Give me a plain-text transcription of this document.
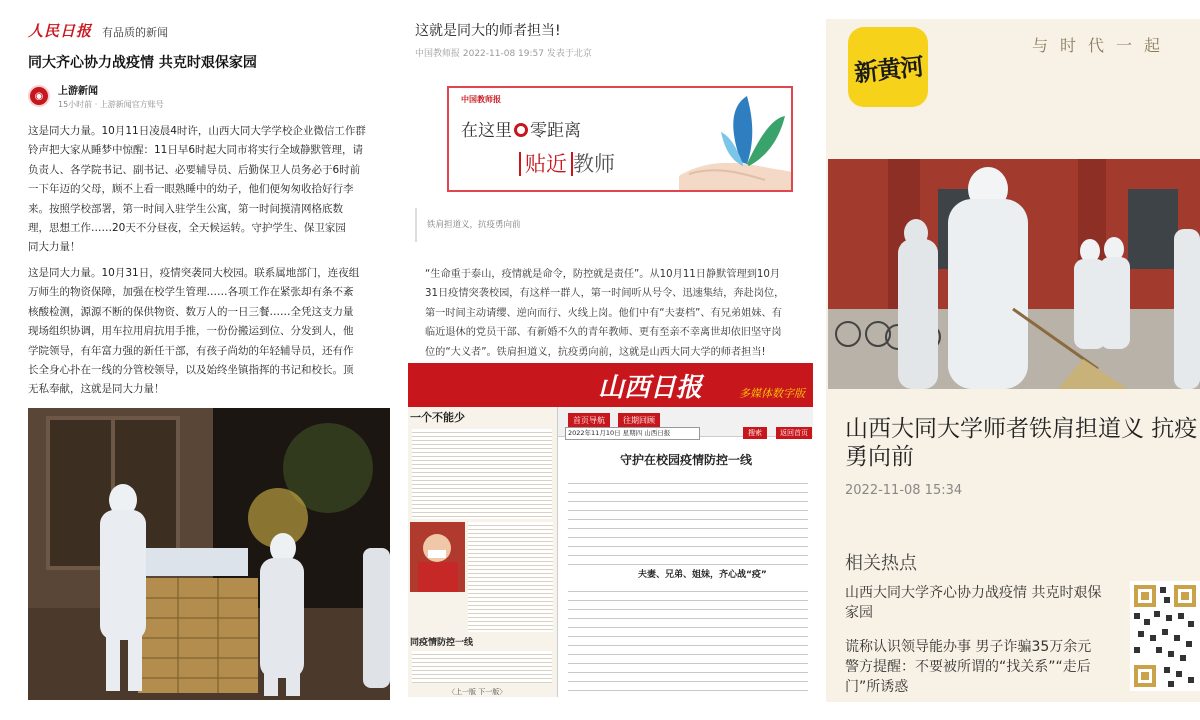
人民日报 有品质的新闻
同大齐心协力战疫情 共克时艰保家园
◉	上游新闻
15小时前 · 上游新闻官方账号
这是同大力量。10月11日凌晨4时许，山西大同大学学校企业微信工作群
铃声把大家从睡梦中惊醒：11日早6时起大同市将实行全域静默管理，请
负责人、各学院书记、副书记、必要辅导员、后勤保卫人员务必于6时前
一下年迈的父母，顾不上看一眼熟睡中的幼子，他们便匆匆收拾好行李
来。按照学校部署，第一时间入驻学生公寓，第一时间摸清网格底数
理，思想工作……20天不分昼夜，全天候运转。守护学生、保卫家园
同大力量！
这是同大力量。10月31日，疫情突袭同大校园。联系属地部门，连夜组
万师生的物资保障，加强在校学生管理……各项工作在紧张却有条不紊
核酸检测，源源不断的保供物资、数万人的一日三餐……全凭这支力量
现场组织协调，用车拉用肩抗用手推，一份份搬运到位、分发到人，他
学院领导，有年富力强的新任干部，有孩子尚幼的年轻辅导员，还有作
长全身心扑在一线的分管校领导，以及始终坐镇指挥的书记和校长。顶
无私奉献，这就是同大力量！
这就是同大的师者担当!
中国教师报 2022-11-08 19:57 发表于北京
中国教师报
在这里 零距离
贴近 教师
铁肩担道义，抗疫勇向前
“生命重于泰山，疫情就是命令，防控就是责任”。从10月11日静默管理到10月
31日疫情突袭校园，有这样一群人，第一时间听从号令、迅速集结，奔赴岗位，
第一时间主动请缨、逆向而行、火线上岗。他们中有“夫妻档”、有兄弟姐妹、有
临近退休的党员干部、有新婚不久的青年教师、更有至亲不幸离世却依旧坚守岗
位的“大义者”。铁肩担道义，抗疫勇向前，这就是山西大同大学的师者担当!
山西日报	多媒体数字版
首页导航	往期回顾
2022年11月10日 星期四 山西日报	搜索	返回首页
一个不能少
同疫情防控一线
〈上一版 下一版〉
守护在校园疫情防控一线
夫妻、兄弟、姐妹，齐心战“疫”
新黄河
与时代一起
山西大同大学师者铁肩担道义 抗疫勇向前
2022-11-08 15:34
相关热点
山西大同大学齐心协力战疫情 共克时艰保家园
谎称认识领导能办事 男子诈骗35万余元 警方提醒：不要被所谓的“找关系”“走后门”所诱惑
